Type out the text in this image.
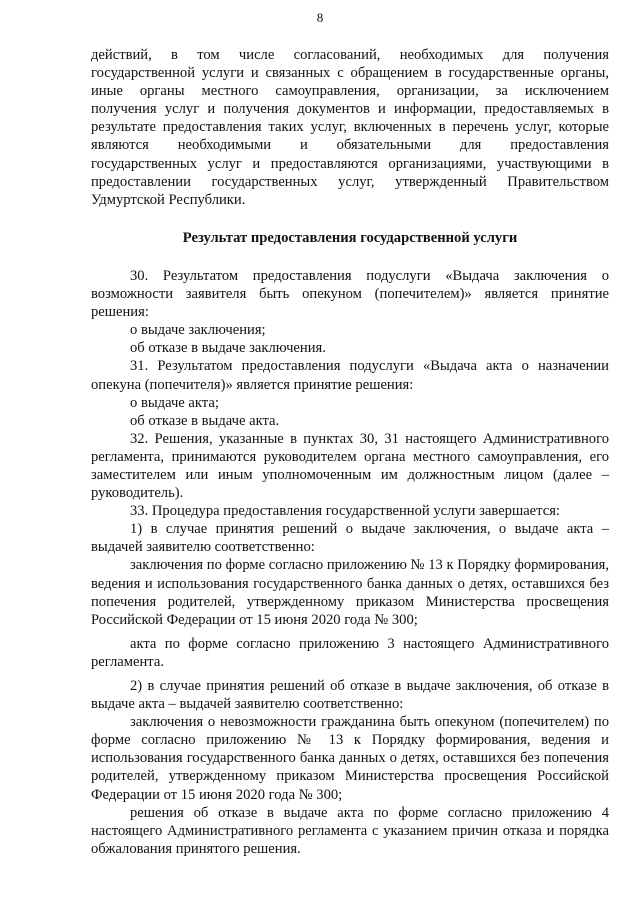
8

действий, в том числе согласований, необходимых для получения

государственной услуги и связанных с обращением в государственные органы,

иные органы местного самоуправления, организации, за исключением

получения услуг и получения документов и информации, предоставляемых в

результате предоставления таких услуг, включенных в перечень услуг, которые

являются необходимыми и обязательными для предоставления

государственных услуг и предоставляются организациями, участвующими в

предоставлении государственных услуг, утвержденный Правительством

Удмуртской Республики.

Результат предоставления государственной услуги

30. Результатом предоставления подуслуги «Выдача заключения о возможности заявителя быть опекуном (попечителем)» является принятие решения:

о выдаче заключения;

об отказе в выдаче заключения.

31. Результатом предоставления подуслуги «Выдача акта о назначении опекуна (попечителя)» является принятие решения:

о выдаче акта;

об отказе в выдаче акта.

32. Решения, указанные в пунктах 30, 31 настоящего Административного регламента, принимаются руководителем органа местного самоуправления, его заместителем или иным уполномоченным им должностным лицом (далее – руководитель).

33. Процедура предоставления государственной услуги завершается:

1) в случае принятия решений о выдаче заключения, о выдаче акта – выдачей заявителю соответственно:

заключения по форме согласно приложению № 13 к Порядку формирования, ведения и использования государственного банка данных о детях, оставшихся без попечения родителей, утвержденному приказом Министерства просвещения Российской Федерации от 15 июня 2020 года № 300;

акта по форме согласно приложению 3 настоящего Административного регламента.

2) в случае принятия решений об отказе в выдаче заключения, об отказе в выдаче акта – выдачей заявителю соответственно:

заключения о невозможности гражданина быть опекуном (попечителем) по форме согласно приложению № 13 к Порядку формирования, ведения и использования государственного банка данных о детях, оставшихся без попечения родителей, утвержденному приказом Министерства просвещения Российской Федерации от 15 июня 2020 года № 300;

решения об отказе в выдаче акта по форме согласно приложению 4 настоящего Административного регламента с указанием причин отказа и порядка обжалования принятого решения.
